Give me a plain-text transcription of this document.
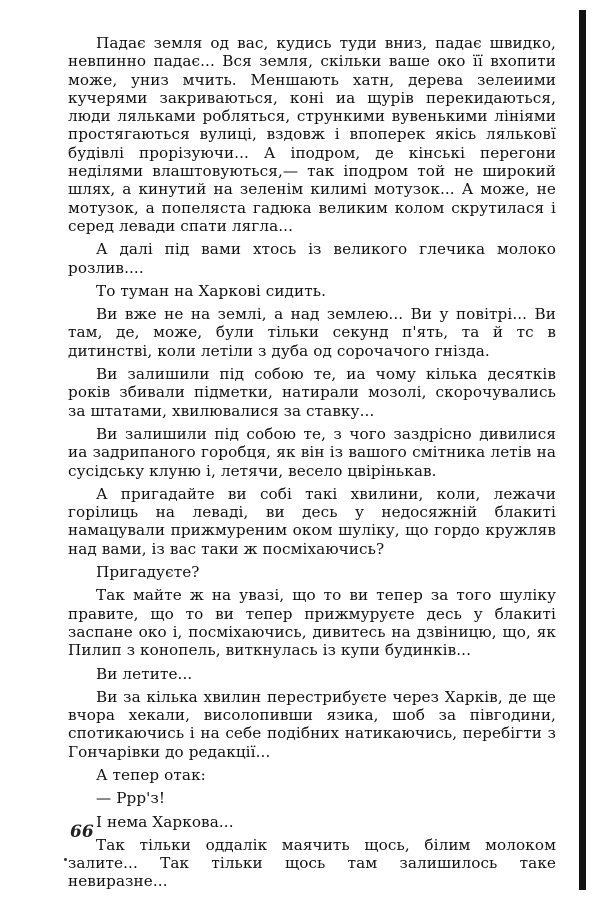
Падає земля од вас, кудись туди вниз, падає швидко, невпинно падає... Вся земля, скільки ваше око її вхопити може, униз мчить. Меншають хатн, дерева зелеиими кучерями закриваються, коні иа щурів перекидаються, люди ляльками робляться, стрункими вувенькими лініями простягаються вулиці, вздовж і впоперек якісь ляльковї будівлі прорізуючи... А іподром, де кінські перегони неділями влаштовуються,— так іподром той не широкий шлях, а кинутий на зеленім килимі мотузок... А може, не мотузок, а попеляста гадюка великим колом скрутилася і серед левади спати лягла...

А далі під вами хтось із великого глечика молоко розлив....

То туман на Харкові сидить.

Ви вже не на землі, а над землею... Ви у повітрі... Ви там, де, може, були тільки секунд п'ять, та й тс в дитинстві, коли летіли з дуба од сорочачого гнізда.

Ви залишили під собою те, иа чому кілька десятків років збивали підметки, натирали мозолі, скорочувались за штатами, хвилювалися за ставку...

Ви залишили під собою те, з чого заздрісно дивилися иа задрипаного горобця, як він із вашого смітника летів на сусідську клуню і, летячи, весело цвірінькав.

А пригадайте ви собі такі хвилини, коли, лежачи горілиць на леваді, ви десь у недосяжній блакиті намацували прижмуреним оком шуліку, що гордо кружляв над вами, із вас таки ж посміхаючись?

Пригадуєте?

Так майте ж на увазі, що то ви тепер за того шуліку правите, що то ви тепер прижмуруєте десь у блакиті заспане око і, посміхаючись, дивитесь на дзвіницю, що, як Пилип з конопель, виткнулась із купи будинків...

Ви летите...

Ви за кілька хвилин перестрибуєте через Харків, де ще вчора хекали, висолопивши язика, шоб за півгодини, спотикаючись і на себе подібних натикаючись, перебігти з Гончарівки до редакції...

А тепер отак:

— Ррр'з!

І нема Харкова...

Так тільки оддалік маячить щось, білим молоком залите... Так тільки щось там залишилось таке невиразне...

66
